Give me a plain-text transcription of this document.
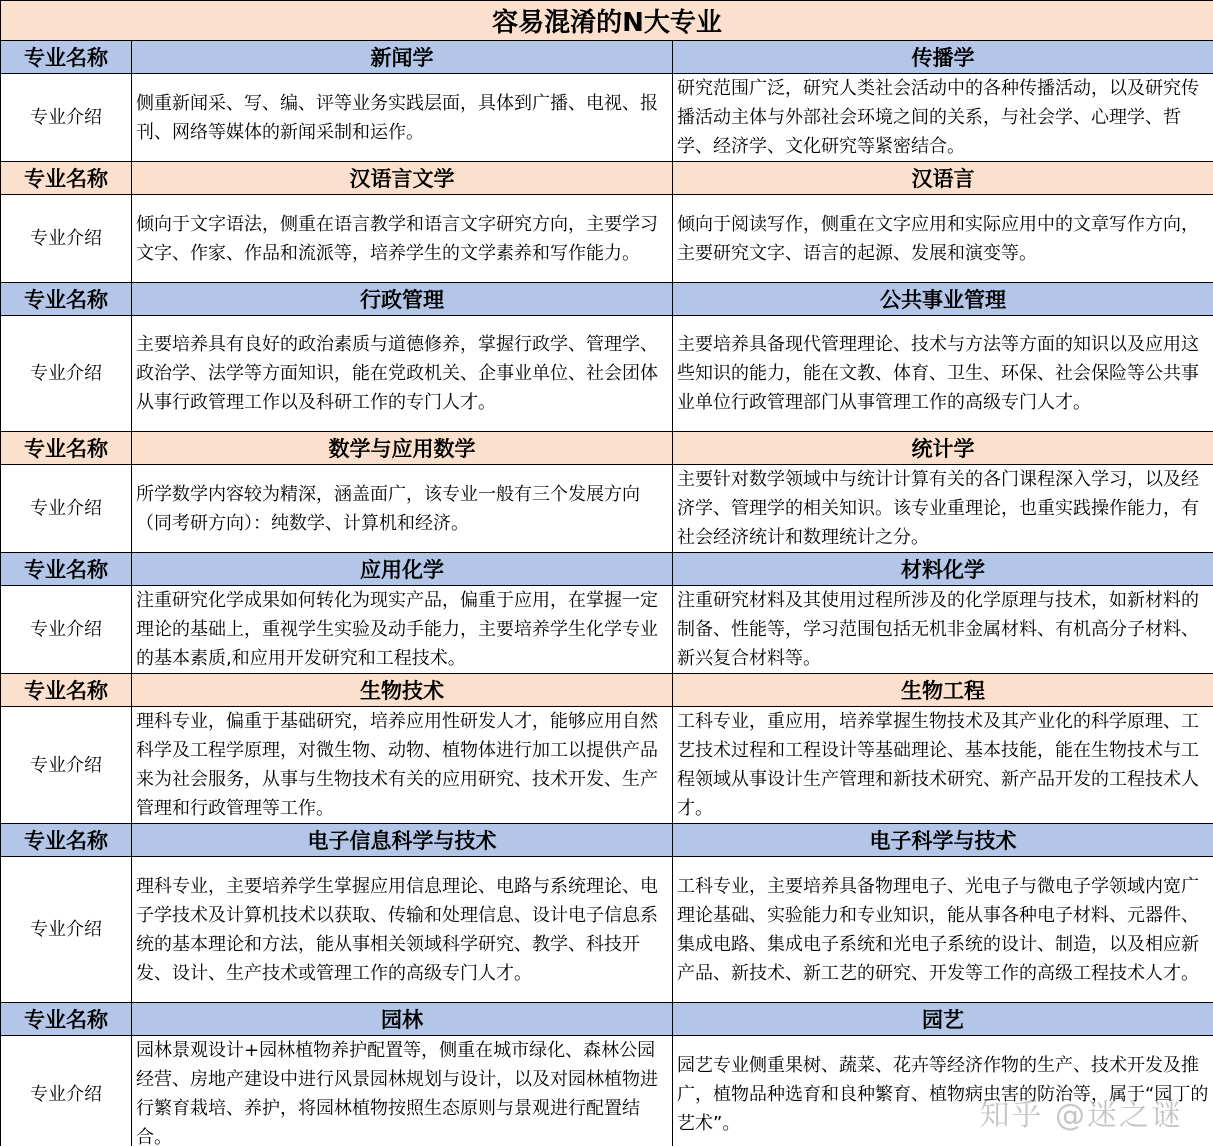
容易混淆的N大专业		
专业名称	新闻学	传播学
专业介绍	侧重新闻采、写、编、评等业务实践层面，具体到广播、电视、报刊、网络等媒体的新闻采制和运作。	研究范围广泛，研究人类社会活动中的各种传播活动，以及研究传播活动主体与外部社会环境之间的关系，与社会学、心理学、哲学、经济学、文化研究等紧密结合。
专业名称	汉语言文学	汉语言
专业介绍	倾向于文字语法，侧重在语言教学和语言文字研究方向，主要学习文字、作家、作品和流派等，培养学生的文学素养和写作能力。	倾向于阅读写作，侧重在文字应用和实际应用中的文章写作方向，主要研究文字、语言的起源、发展和演变等。
专业名称	行政管理	公共事业管理
专业介绍	主要培养具有良好的政治素质与道德修养，掌握行政学、管理学、政治学、法学等方面知识，能在党政机关、企事业单位、社会团体从事行政管理工作以及科研工作的专门人才。	主要培养具备现代管理理论、技术与方法等方面的知识以及应用这些知识的能力，能在文教、体育、卫生、环保、社会保险等公共事业单位行政管理部门从事管理工作的高级专门人才。
专业名称	数学与应用数学	统计学
专业介绍	所学数学内容较为精深，涵盖面广，该专业一般有三个发展方向（同考研方向）：纯数学、计算机和经济。	主要针对数学领域中与统计计算有关的各门课程深入学习，以及经济学、管理学的相关知识。该专业重理论，也重实践操作能力，有社会经济统计和数理统计之分。
专业名称	应用化学	材料化学
专业介绍	注重研究化学成果如何转化为现实产品，偏重于应用，在掌握一定理论的基础上，重视学生实验及动手能力，主要培养学生化学专业的基本素质,和应用开发研究和工程技术。	注重研究材料及其使用过程所涉及的化学原理与技术，如新材料的制备、性能等，学习范围包括无机非金属材料、有机高分子材料、新兴复合材料等。
专业名称	生物技术	生物工程
专业介绍	理科专业，偏重于基础研究，培养应用性研发人才，能够应用自然科学及工程学原理，对微生物、动物、植物体进行加工以提供产品来为社会服务，从事与生物技术有关的应用研究、技术开发、生产管理和行政管理等工作。	工科专业，重应用，培养掌握生物技术及其产业化的科学原理、工艺技术过程和工程设计等基础理论、基本技能，能在生物技术与工程领域从事设计生产管理和新技术研究、新产品开发的工程技术人才。
专业名称	电子信息科学与技术	电子科学与技术
专业介绍	理科专业，主要培养学生掌握应用信息理论、电路与系统理论、电子学技术及计算机技术以获取、传输和处理信息、设计电子信息系统的基本理论和方法，能从事相关领域科学研究、教学、科技开发、设计、生产技术或管理工作的高级专门人才。	工科专业，主要培养具备物理电子、光电子与微电子学领域内宽广理论基础、实验能力和专业知识，能从事各种电子材料、元器件、集成电路、集成电子系统和光电子系统的设计、制造，以及相应新产品、新技术、新工艺的研究、开发等工作的高级工程技术人才。
专业名称	园林	园艺
专业介绍	园林景观设计+园林植物养护配置等，侧重在城市绿化、森林公园经营、房地产建设中进行风景园林规划与设计，以及对园林植物进行繁育栽培、养护，将园林植物按照生态原则与景观进行配置结合。	园艺专业侧重果树、蔬菜、花卉等经济作物的生产、技术开发及推广，植物品种选育和良种繁育、植物病虫害的防治等，属于“园丁的艺术”。	知乎 @迷之谜
